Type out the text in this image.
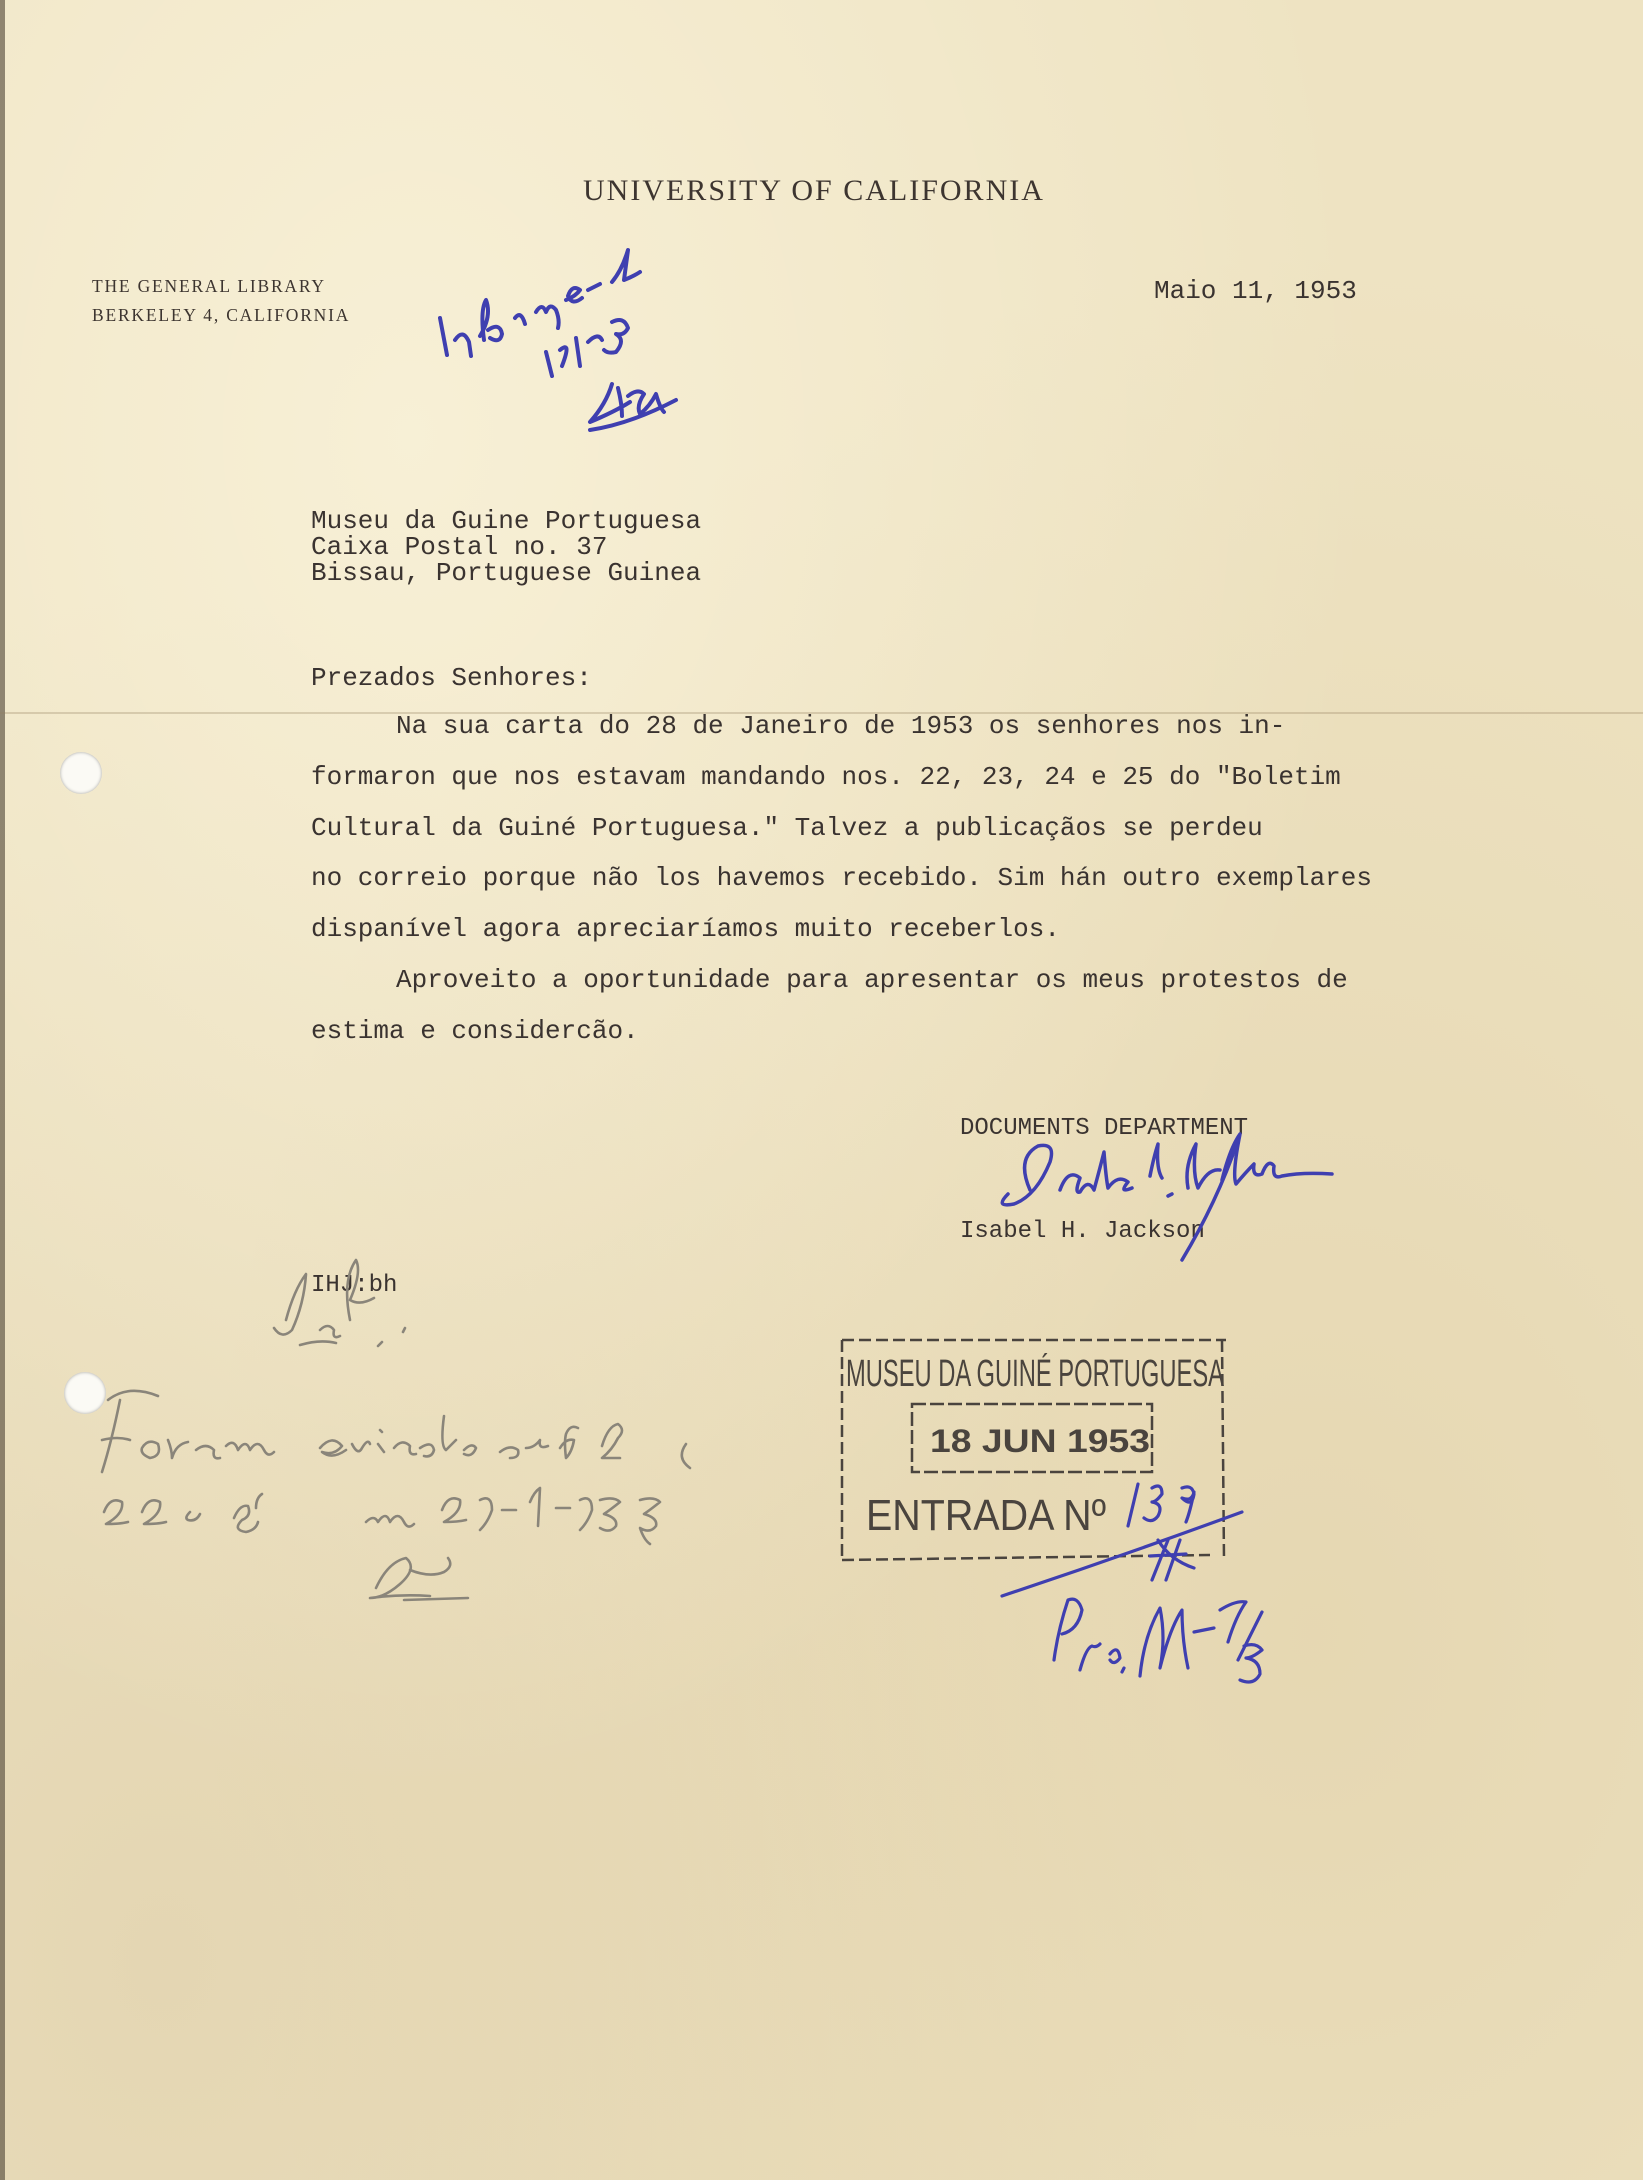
UNIVERSITY OF CALIFORNIA
THE GENERAL LIBRARY
BERKELEY 4, CALIFORNIA
Maio 11, 1953
Museu da Guine Portuguesa
Caixa Postal no. 37
Bissau, Portuguese Guinea
Prezados Senhores:
Na sua carta do 28 de Janeiro de 1953 os senhores nos in-
formaron que nos estavam mandando nos. 22, 23, 24 e 25 do "Boletim
Cultural da Guiné Portuguesa." Talvez a publicaçãos se perdeu
no correio porque não los havemos recebido. Sim hán outro exemplares
dispanível agora apreciaríamos muito receberlos.
Aproveito a oportunidade para apresentar os meus protestos de
estima e considercão.
DOCUMENTS DEPARTMENT
Isabel H. Jackson
IHJ:bh
MUSEU DA GUINÉ PORTUGUESA
18 JUN 1953
ENTRADA Nº
